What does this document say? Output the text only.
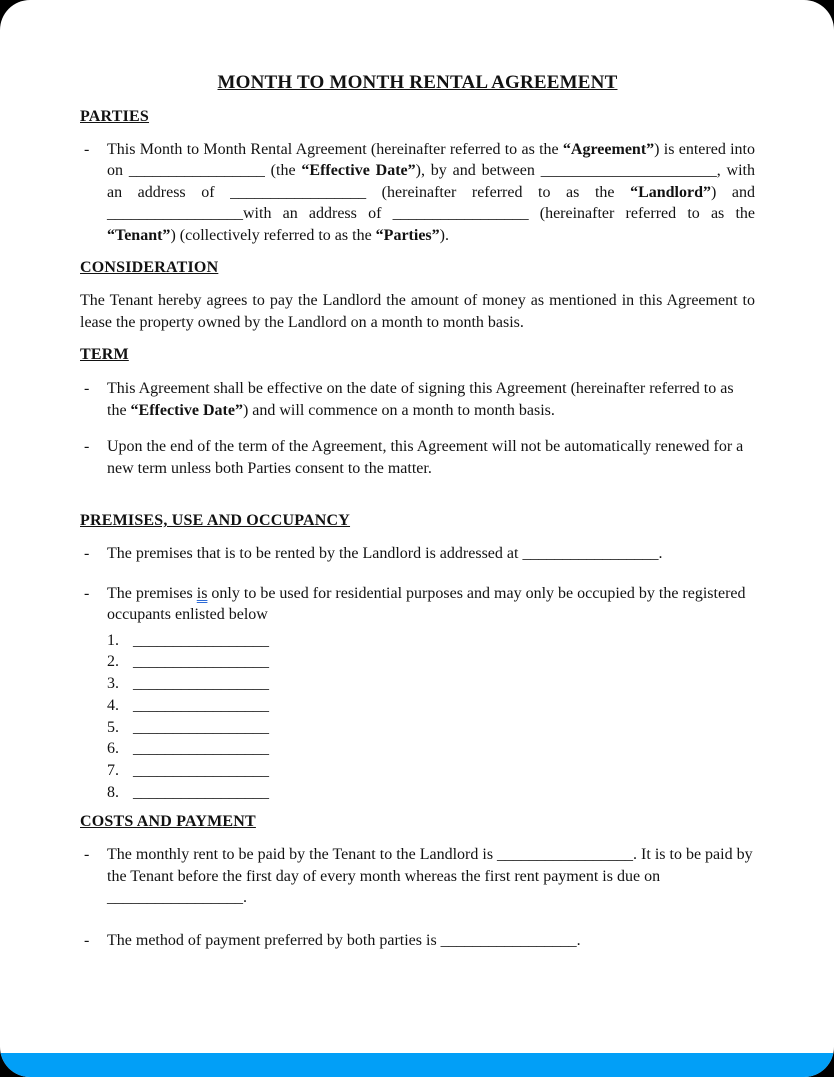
MONTH TO MONTH RENTAL AGREEMENT
PARTIES
-	This Month to Month Rental Agreement (hereinafter referred to as the “Agreement”) is entered into on _________________ (the “Effective Date”), by and between ______________________, with an address of _________________ (hereinafter referred to as the “Landlord”) and _________________with an address of _________________ (hereinafter referred to as the “Tenant”) (collectively referred to as the “Parties”).
CONSIDERATION

The Tenant hereby agrees to pay the Landlord the amount of money as mentioned in this Agreement to lease the property owned by the Landlord on a month to month basis.

TERM
-	This Agreement shall be effective on the date of signing this Agreement (hereinafter referred to as the “Effective Date”) and will commence on a month to month basis.
-	Upon the end of the term of the Agreement, this Agreement will not be automatically renewed for a new term unless both Parties consent to the matter.
PREMISES, USE AND OCCUPANCY
-	The premises that is to be rented by the Landlord is addressed at _________________.
-	The premises is only to be used for residential purposes and may only be occupied by the registered occupants enlisted below
1. _________________
2. _________________
3. _________________
4. _________________
5. _________________
6. _________________
7. _________________
8. _________________
COSTS AND PAYMENT
-	The monthly rent to be paid by the Tenant to the Landlord is _________________. It is to be paid by the Tenant before the first day of every month whereas the first rent payment is due on _________________.
-	The method of payment preferred by both parties is _________________.
